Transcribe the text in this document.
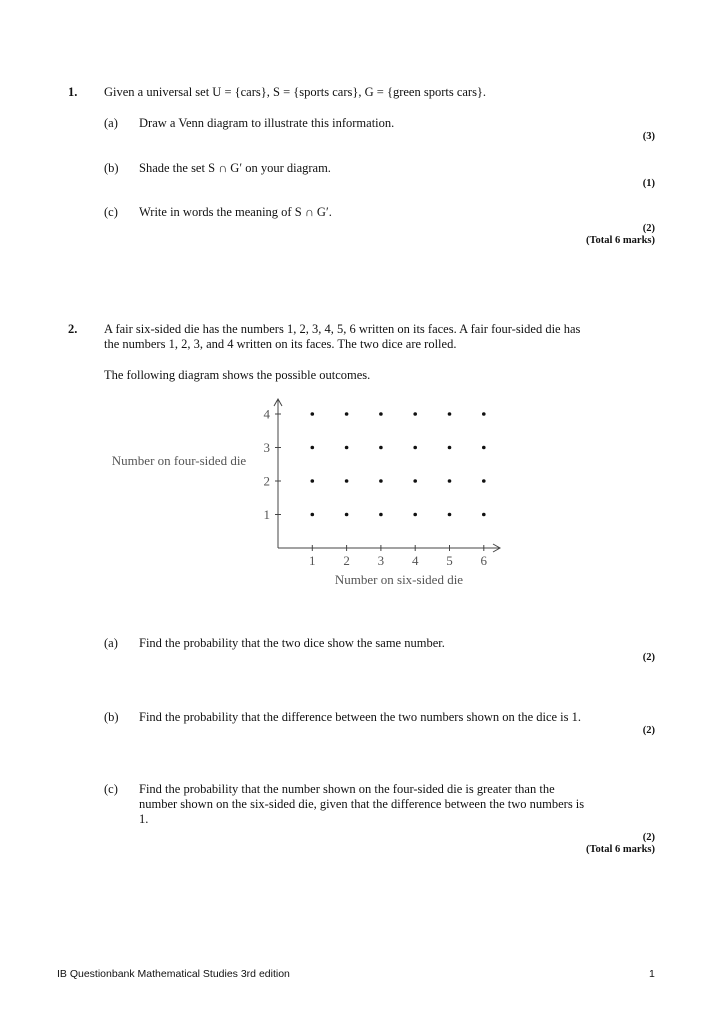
1. Given a universal set U = {cars}, S = {sports cars}, G = {green sports cars}.
(a) Draw a Venn diagram to illustrate this information.
(3)
(b) Shade the set S ∩ G′ on your diagram.
(1)
(c) Write in words the meaning of S ∩ G′.
(2)
(Total 6 marks)
2. A fair six-sided die has the numbers 1, 2, 3, 4, 5, 6 written on its faces. A fair four-sided die has
the numbers 1, 2, 3, and 4 written on its faces. The two dice are rolled.
The following diagram shows the possible outcomes.
1 2 3 4 5 6
1
2
3
4
Number on four-sided die
Number on six-sided die
(a) Find the probability that the two dice show the same number.
(2)
(b) Find the probability that the difference between the two numbers shown on the dice is 1.
(2)
(c) Find the probability that the number shown on the four-sided die is greater than the
number shown on the six-sided die, given that the difference between the two numbers is
1.
(2)
(Total 6 marks)
IB Questionbank Mathematical Studies 3rd edition	1
